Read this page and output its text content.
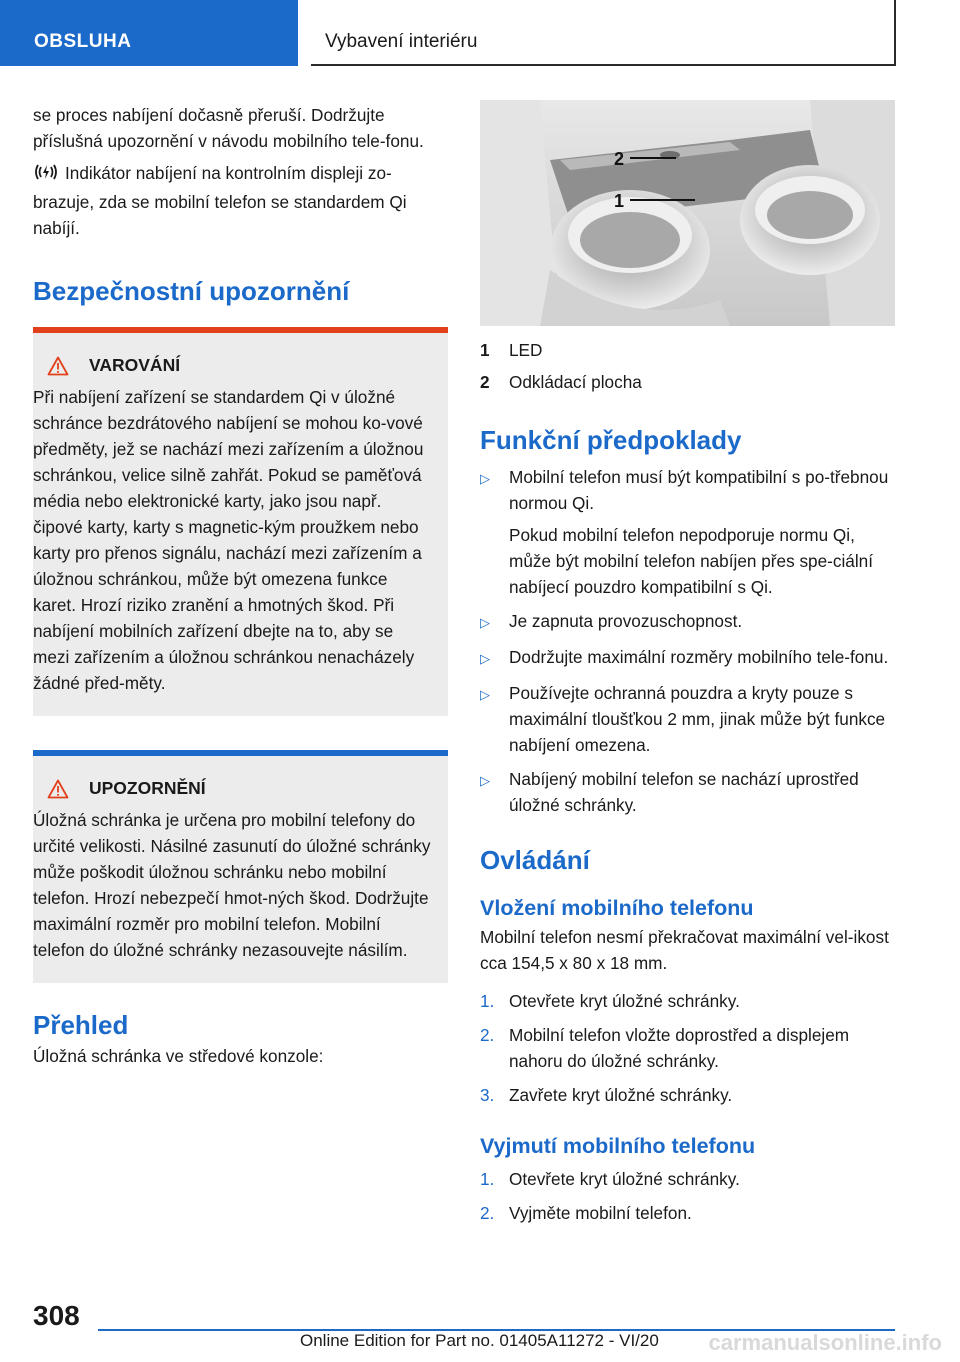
OBSLUHA	Vybavení interiéru

se proces nabíjení dočasně přeruší. Dodržujte příslušná upozornění v návodu mobilního tele-fonu.

Indikátor nabíjení na kontrolním displeji zo-brazuje, zda se mobilní telefon se standardem Qi nabíjí.

Bezpečnostní upozornění
VAROVÁNÍ

Při nabíjení zařízení se standardem Qi v úložné schránce bezdrátového nabíjení se mohou ko-vové předměty, jež se nachází mezi zařízením a úložnou schránkou, velice silně zahřát. Pokud se paměťová média nebo elektronické karty, jako jsou např. čipové karty, karty s magnetic-kým proužkem nebo karty pro přenos signálu, nachází mezi zařízením a úložnou schránkou, může být omezena funkce karet. Hrozí riziko zranění a hmotných škod. Při nabíjení mobilních zařízení dbejte na to, aby se mezi zařízením a úložnou schránkou nenacházely žádné před-měty.

UPOZORNĚNÍ

Úložná schránka je určena pro mobilní telefony do určité velikosti. Násilné zasunutí do úložné schránky může poškodit úložnou schránku nebo mobilní telefon. Hrozí nebezpečí hmot-ných škod. Dodržujte maximální rozměr pro mobilní telefon. Mobilní telefon do úložné schránky nezasouvejte násilím.

Přehled

Úložná schránka ve středové konzole:

2
1
1	LED
2	Odkládací plocha
Funkční předpoklady
▷	Mobilní telefon musí být kompatibilní s po-třebnou normou Qi.

Pokud mobilní telefon nepodporuje normu Qi, může být mobilní telefon nabíjen přes spe-ciální nabíjecí pouzdro kompatibilní s Qi.

▷	Je zapnuta provozuschopnost.
▷	Dodržujte maximální rozměry mobilního tele-fonu.
▷	Používejte ochranná pouzdra a kryty pouze s maximální tloušťkou 2 mm, jinak může být funkce nabíjení omezena.
▷	Nabíjený mobilní telefon se nachází uprostřed úložné schránky.
Ovládání
Vložení mobilního telefonu

Mobilní telefon nesmí překračovat maximální vel-ikost cca 154,5 x 80 x 18 mm.

1. Otevřete kryt úložné schránky.
2. Mobilní telefon vložte doprostřed a displejem nahoru do úložné schránky.
3. Zavřete kryt úložné schránky.
Vyjmutí mobilního telefonu
1. Otevřete kryt úložné schránky.
2. Vyjměte mobilní telefon.
308
Online Edition for Part no. 01405A11272 - VI/20 carmanualsonline.info
